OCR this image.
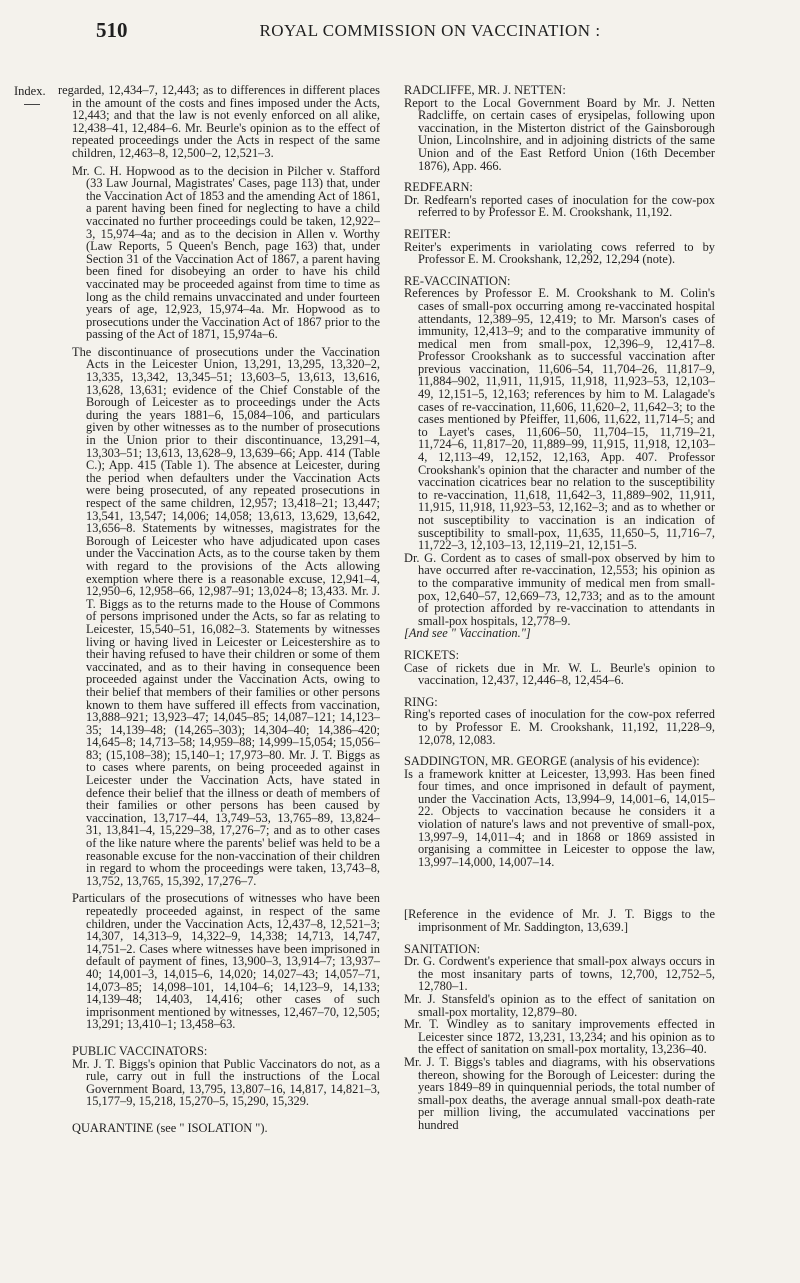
510	ROYAL COMMISSION ON VACCINATION :
Index. regarded, 12,434–7, 12,443; as to differences in different places in the amount of the costs and fines imposed under the Acts, 12,443; and that the law is not evenly enforced on all alike, 12,438–41, 12,484–6. Mr. Beurle's opinion as to the effect of repeated proceedings under the Acts in respect of the same children, 12,463–8, 12,500–2, 12,521–3.

Mr. C. H. Hopwood as to the decision in Pilcher v. Stafford (33 Law Journal, Magistrates' Cases, page 113) that, under the Vaccination Act of 1853 and the amending Act of 1861, a parent having been fined for neglecting to have a child vaccinated no further proceedings could be taken, 12,922–3, 15,974–4a; and as to the decision in Allen v. Worthy (Law Reports, 5 Queen's Bench, page 163) that, under Section 31 of the Vaccination Act of 1867, a parent having been fined for disobeying an order to have his child vaccinated may be proceeded against from time to time as long as the child remains unvaccinated and under fourteen years of age, 12,923, 15,974–4a. Mr. Hopwood as to prosecutions under the Vaccination Act of 1867 prior to the passing of the Act of 1871, 15,974a–6.

The discontinuance of prosecutions under the Vaccination Acts in the Leicester Union, 13,291, 13,295, 13,320–2, 13,335, 13,342, 13,345–51; 13,603–5, 13,613, 13,616, 13,628, 13,631; evidence of the Chief Constable of the Borough of Leicester as to proceedings under the Acts during the years 1881–6, 15,084–106, and particulars given by other witnesses as to the number of prosecutions in the Union prior to their discontinuance, 13,291–4, 13,303–51; 13,613, 13,628–9, 13,639–66; App. 414 (Table C.); App. 415 (Table 1). The absence at Leicester, during the period when defaulters under the Vaccination Acts were being prosecuted, of any repeated prosecutions in respect of the same children, 12,957; 13,418–21; 13,447; 13,541, 13,547; 14,006; 14,058; 13,613, 13,629, 13,642, 13,656–8. Statements by witnesses, magistrates for the Borough of Leicester who have adjudicated upon cases under the Vaccination Acts, as to the course taken by them with regard to the provisions of the Acts allowing exemption where there is a reasonable excuse, 12,941–4, 12,950–6, 12,958–66, 12,987–91; 13,024–8; 13,433. Mr. J. T. Biggs as to the returns made to the House of Commons of persons imprisoned under the Acts, so far as relating to Leicester, 15,540–51, 16,082–3. Statements by witnesses living or having lived in Leicester or Leicestershire as to their having refused to have their children or some of them vaccinated, and as to their having in consequence been proceeded against under the Vaccination Acts, owing to their belief that members of their families or other persons known to them have suffered ill effects from vaccination, 13,888–921; 13,923–47; 14,045–85; 14,087–121; 14,123–35; 14,139–48; (14,265–303); 14,304–40; 14,386–420; 14,645–8; 14,713–58; 14,959–88; 14,999–15,054; 15,056–83; (15,108–38); 15,140–1; 17,973–80. Mr. J. T. Biggs as to cases where parents, on being proceeded against in Leicester under the Vaccination Acts, have stated in defence their belief that the illness or death of members of their families or other persons has been caused by vaccination, 13,717–44, 13,749–53, 13,765–89, 13,824–31, 13,841–4, 15,229–38, 17,276–7; and as to other cases of the like nature where the parents' belief was held to be a reasonable excuse for the non-vaccination of their children in regard to whom the proceedings were taken, 13,743–8, 13,752, 13,765, 15,392, 17,276–7.

Particulars of the prosecutions of witnesses who have been repeatedly proceeded against, in respect of the same children, under the Vaccination Acts, 12,437–8, 12,521–3; 14,307, 14,313–9, 14,322–9, 14,338; 14,713, 14,747, 14,751–2. Cases where witnesses have been imprisoned in default of payment of fines, 13,900–3, 13,914–7; 13,937–40; 14,001–3, 14,015–6, 14,020; 14,027–43; 14,057–71, 14,073–85; 14,098–101, 14,104–6; 14,123–9, 14,133; 14,139–48; 14,403, 14,416; other cases of such imprisonment mentioned by witnesses, 12,467–70, 12,505; 13,291; 13,410–1; 13,458–63.

PUBLIC VACCINATORS:

Mr. J. T. Biggs's opinion that Public Vaccinators do not, as a rule, carry out in full the instructions of the Local Government Board, 13,795, 13,807–16, 14,817, 14,821–3, 15,177–9, 15,218, 15,270–5, 15,290, 15,329.

QUARANTINE (see " ISOLATION ").

RADCLIFFE, MR. J. NETTEN:

Report to the Local Government Board by Mr. J. Netten Radcliffe, on certain cases of erysipelas, following upon vaccination, in the Misterton district of the Gainsborough Union, Lincolnshire, and in adjoining districts of the same Union and of the East Retford Union (16th December 1876), App. 466.

REDFEARN:

Dr. Redfearn's reported cases of inoculation for the cow-pox referred to by Professor E. M. Crookshank, 11,192.

REITER:

Reiter's experiments in variolating cows referred to by Professor E. M. Crookshank, 12,292, 12,294 (note).

RE-VACCINATION:

References by Professor E. M. Crookshank to M. Colin's cases of small-pox occurring among re-vaccinated hospital attendants, 12,389–95, 12,419; to Mr. Marson's cases of immunity, 12,413–9; and to the comparative immunity of medical men from small-pox, 12,396–9, 12,417–8. Professor Crookshank as to successful vaccination after previous vaccination, 11,606–54, 11,704–26, 11,817–9, 11,884–902, 11,911, 11,915, 11,918, 11,923–53, 12,103–49, 12,151–5, 12,163; references by him to M. Lalagade's cases of re-vaccination, 11,606, 11,620–2, 11,642–3; to the cases mentioned by Pfeiffer, 11,606, 11,622, 11,714–5; and to Layet's cases, 11,606–50, 11,704–15, 11,719–21, 11,724–6, 11,817–20, 11,889–99, 11,915, 11,918, 12,103–4, 12,113–49, 12,152, 12,163, App. 407. Professor Crookshank's opinion that the character and number of the vaccination cicatrices bear no relation to the susceptibility to re-vaccination, 11,618, 11,642–3, 11,889–902, 11,911, 11,915, 11,918, 11,923–53, 12,162–3; and as to whether or not susceptibility to vaccination is an indication of susceptibility to small-pox, 11,635, 11,650–5, 11,716–7, 11,722–3, 12,103–13, 12,119–21, 12,151–5.

Dr. G. Cordent as to cases of small-pox observed by him to have occurred after re-vaccination, 12,553; his opinion as to the comparative immunity of medical men from small-pox, 12,640–57, 12,669–73, 12,733; and as to the amount of protection afforded by re-vaccination to attendants in small-pox hospitals, 12,778–9.

[And see " Vaccination."]

RICKETS:

Case of rickets due in Mr. W. L. Beurle's opinion to vaccination, 12,437, 12,446–8, 12,454–6.

RING:

Ring's reported cases of inoculation for the cow-pox referred to by Professor E. M. Crookshank, 11,192, 11,228–9, 12,078, 12,083.

SADDINGTON, MR. GEORGE (analysis of his evidence):

Is a framework knitter at Leicester, 13,993. Has been fined four times, and once imprisoned in default of payment, under the Vaccination Acts, 13,994–9, 14,001–6, 14,015–22. Objects to vaccination because he considers it a violation of nature's laws and not preventive of small-pox, 13,997–9, 14,011–4; and in 1868 or 1869 assisted in organising a committee in Leicester to oppose the law, 13,997–14,000, 14,007–14.

[Reference in the evidence of Mr. J. T. Biggs to the imprisonment of Mr. Saddington, 13,639.]

SANITATION:

Dr. G. Cordwent's experience that small-pox always occurs in the most insanitary parts of towns, 12,700, 12,752–5, 12,780–1.

Mr. J. Stansfeld's opinion as to the effect of sanitation on small-pox mortality, 12,879–80.

Mr. T. Windley as to sanitary improvements effected in Leicester since 1872, 13,231, 13,234; and his opinion as to the effect of sanitation on small-pox mortality, 13,236–40.

Mr. J. T. Biggs's tables and diagrams, with his observations thereon, showing for the Borough of Leicester: during the years 1849–89 in quinquennial periods, the total number of small-pox deaths, the average annual small-pox death-rate per million living, the accumulated vaccinations per hundred
